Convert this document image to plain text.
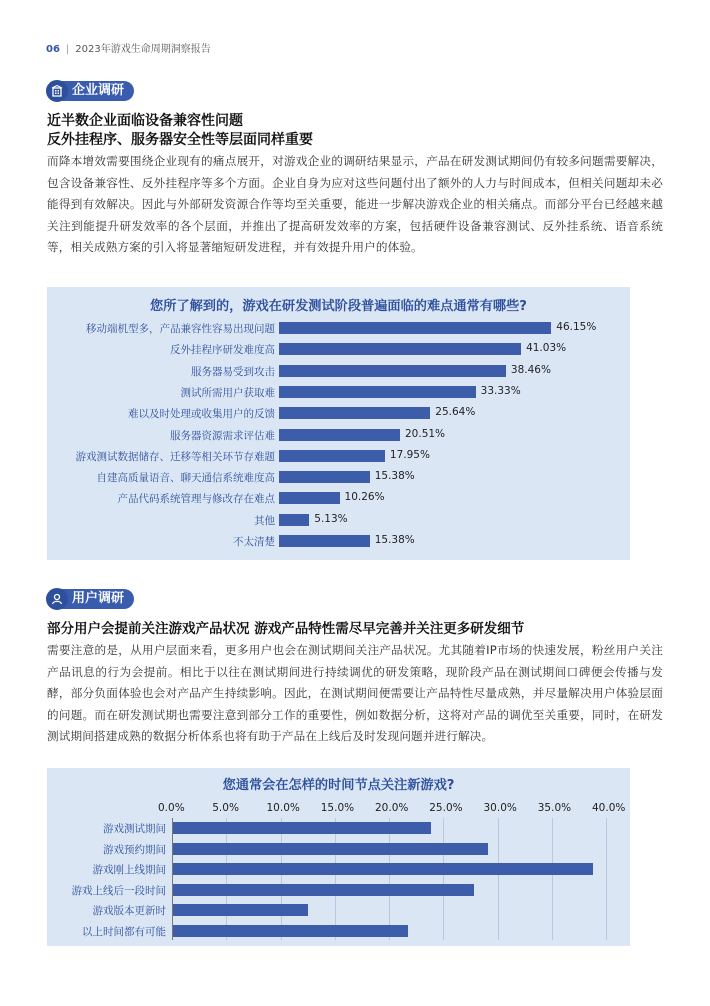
06 | 2023年游戏生命周期洞察报告
企业调研
近半数企业面临设备兼容性问题
反外挂程序、服务器安全性等层面同样重要
而降本增效需要围绕企业现有的痛点展开，对游戏企业的调研结果显示，产品在研发测试期间仍有较多问题需要解决，包含设备兼容性、反外挂程序等多个方面。企业自身为应对这些问题付出了额外的人力与时间成本，但相关问题却未必能得到有效解决。因此与外部研发资源合作等均至关重要，能进一步解决游戏企业的相关痛点。而部分平台已经越来越关注到能提升研发效率的各个层面，并推出了提高研发效率的方案，包括硬件设备兼容测试、反外挂系统、语音系统等，相关成熟方案的引入将显著缩短研发进程，并有效提升用户的体验。
您所了解到的，游戏在研发测试阶段普遍面临的难点通常有哪些?
移动端机型多，产品兼容性容易出现问题	46.15%
反外挂程序研发难度高	41.03%
服务器易受到攻击	38.46%
测试所需用户获取难	33.33%
难以及时处理或收集用户的反馈	25.64%
服务器资源需求评估难	20.51%
游戏测试数据储存、迁移等相关环节存难题	17.95%
自建高质量语音、聊天通信系统难度高	15.38%
产品代码系统管理与修改存在难点	10.26%
其他	5.13%
不太清楚	15.38%
用户调研
部分用户会提前关注游戏产品状况 游戏产品特性需尽早完善并关注更多研发细节
需要注意的是，从用户层面来看，更多用户也会在测试期间关注产品状况。尤其随着IP市场的快速发展，粉丝用户关注产品讯息的行为会提前。相比于以往在测试期间进行持续调优的研发策略，现阶段产品在测试期间口碑便会传播与发酵，部分负面体验也会对产品产生持续影响。因此，在测试期间便需要让产品特性尽量成熟，并尽量解决用户体验层面的问题。而在研发测试期也需要注意到部分工作的重要性，例如数据分析，这将对产品的调优至关重要，同时，在研发测试期间搭建成熟的数据分析体系也将有助于产品在上线后及时发现问题并进行解决。
您通常会在怎样的时间节点关注新游戏?
0.0%	5.0%	10.0% 15.0% 20.0% 25.0% 30.0% 35.0% 40.0%
游戏测试期间
游戏预约期间
游戏刚上线期间
游戏上线后一段时间
游戏版本更新时
以上时间都有可能
